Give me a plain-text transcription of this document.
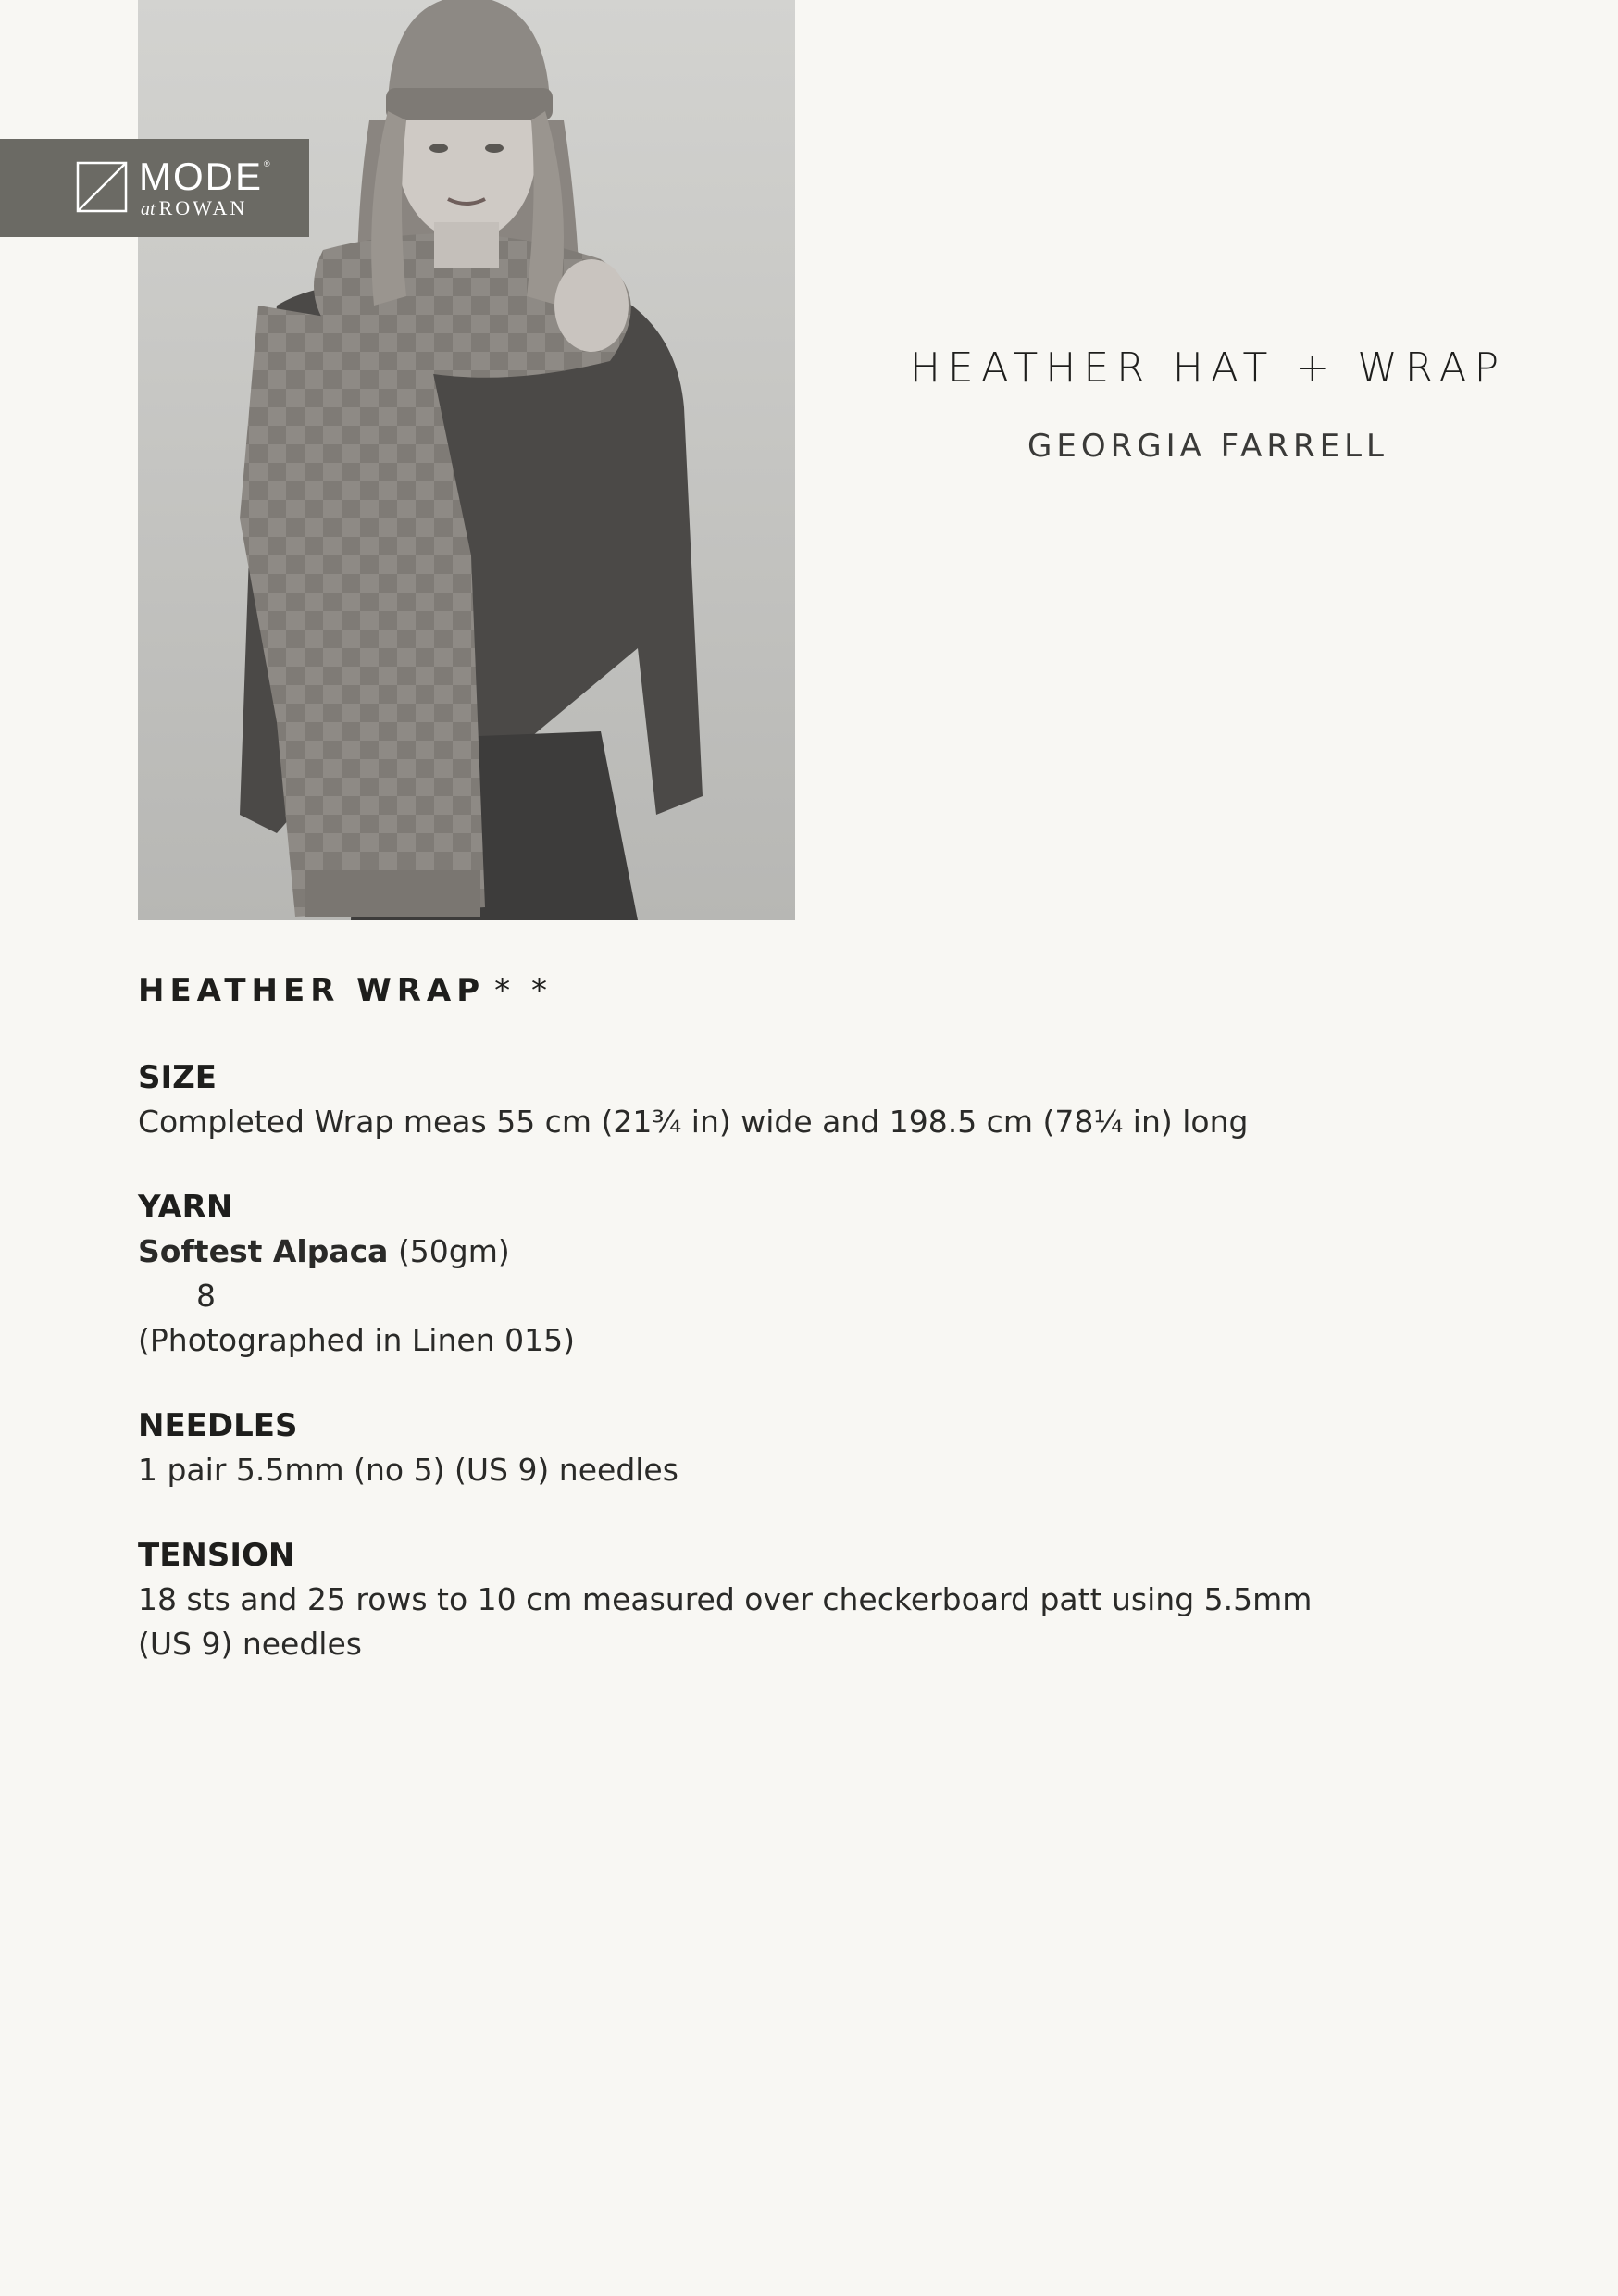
MODE ®
at ROWAN
HEATHER HAT + WRAP
GEORGIA FARRELL
HEATHER WRAP * *
SIZE
Completed Wrap meas 55 cm (21¾ in) wide and 198.5 cm (78¼ in) long
YARN
Softest Alpaca (50gm)
8
(Photographed in Linen 015)
NEEDLES
1 pair 5.5mm (no 5) (US 9) needles
TENSION
18 sts and 25 rows to 10 cm measured over checkerboard patt using 5.5mm
(US 9) needles
